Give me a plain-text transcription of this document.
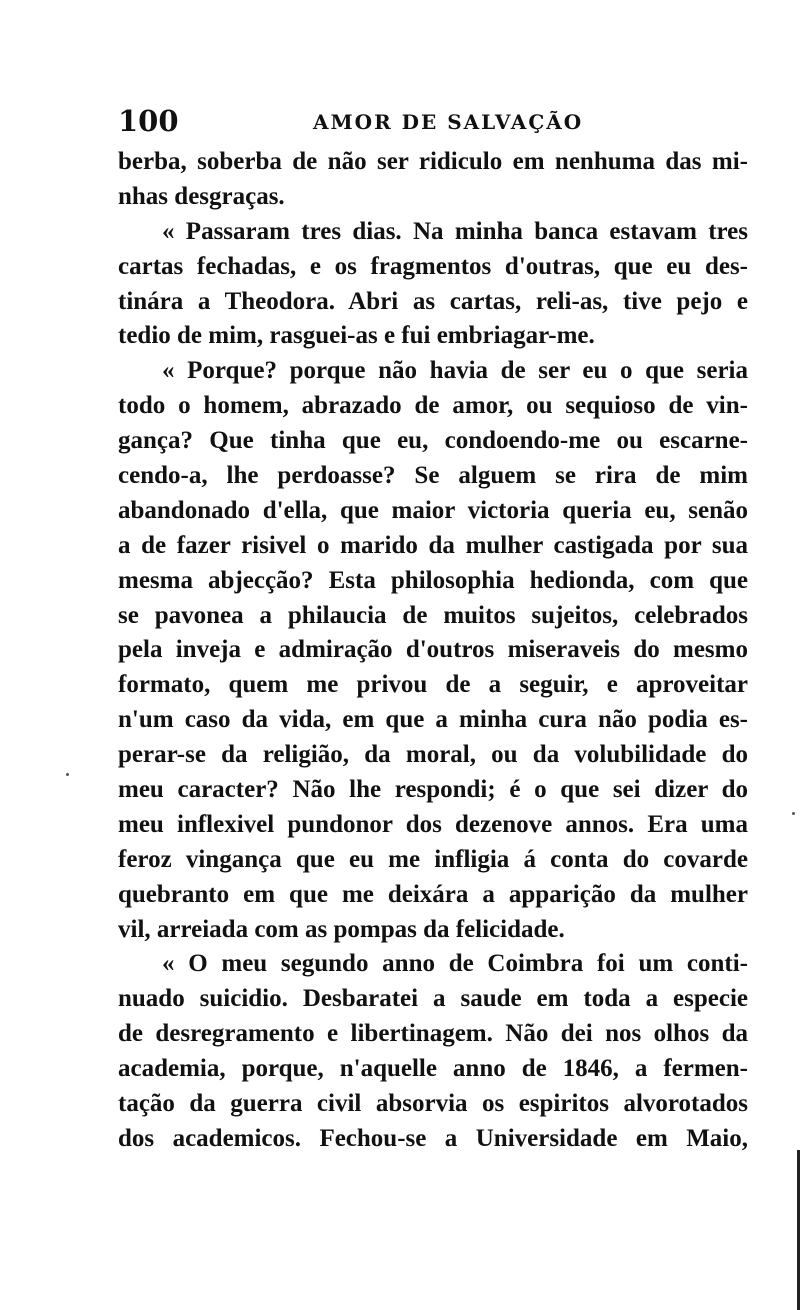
100	AMOR DE SALVAÇÃO
berba, soberba de não ser ridiculo em nenhuma das mi-
nhas desgraças.
« Passaram tres dias. Na minha banca estavam tres
cartas fechadas, e os fragmentos d'outras, que eu des-
tinára a Theodora. Abri as cartas, reli-as, tive pejo e
tedio de mim, rasguei-as e fui embriagar-me.
« Porque? porque não havia de ser eu o que seria
todo o homem, abrazado de amor, ou sequioso de vin-
gança? Que tinha que eu, condoendo-me ou escarne-
cendo-a, lhe perdoasse? Se alguem se rira de mim
abandonado d'ella, que maior victoria queria eu, senão
a de fazer risivel o marido da mulher castigada por sua
mesma abjecção? Esta philosophia hedionda, com que
se pavonea a philaucia de muitos sujeitos, celebrados
pela inveja e admiração d'outros miseraveis do mesmo
formato, quem me privou de a seguir, e aproveitar
n'um caso da vida, em que a minha cura não podia es-
perar-se da religião, da moral, ou da volubilidade do
meu caracter? Não lhe respondi; é o que sei dizer do
meu inflexivel pundonor dos dezenove annos. Era uma
feroz vingança que eu me infligia á conta do covarde
quebranto em que me deixára a apparição da mulher
vil, arreiada com as pompas da felicidade.
« O meu segundo anno de Coimbra foi um conti-
nuado suicidio. Desbaratei a saude em toda a especie
de desregramento e libertinagem. Não dei nos olhos da
academia, porque, n'aquelle anno de 1846, a fermen-
tação da guerra civil absorvia os espiritos alvorotados
dos academicos. Fechou-se a Universidade em Maio,
